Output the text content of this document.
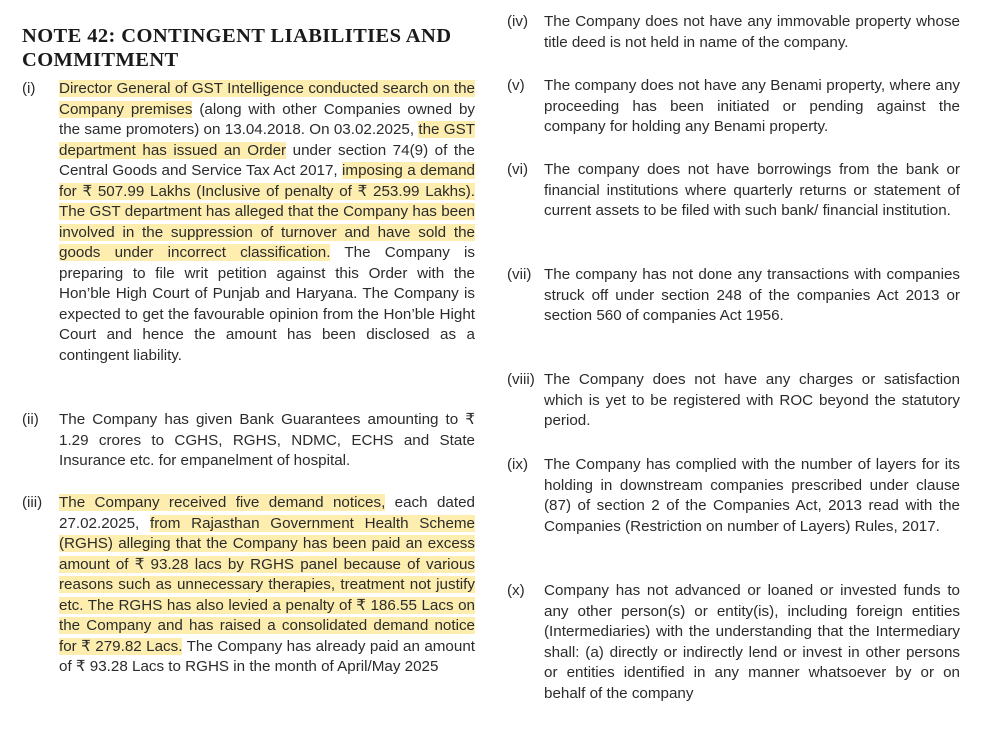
NOTE 42: CONTINGENT LIABILITIES AND COMMITMENT
(i)	Director General of GST Intelligence conducted search on the Company premises (along with other Companies owned by the same promoters) on 13.04.2018. On 03.02.2025, the GST department has issued an Order under section 74(9) of the Central Goods and Service Tax Act 2017, imposing a demand for ₹ 507.99 Lakhs (Inclusive of penalty of ₹ 253.99 Lakhs). The GST department has alleged that the Company has been involved in the suppression of turnover and have sold the goods under incorrect classification. The Company is preparing to file writ petition against this Order with the Hon’ble High Court of Punjab and Haryana. The Company is expected to get the favourable opinion from the Hon’ble Hight Court and hence the amount has been disclosed as a contingent liability.
(ii)	The Company has given Bank Guarantees amounting to ₹ 1.29 crores to CGHS, RGHS, NDMC, ECHS and State Insurance etc. for empanelment of hospital.
(iii)	The Company received five demand notices, each dated 27.02.2025, from Rajasthan Government Health Scheme (RGHS) alleging that the Company has been paid an excess amount of ₹ 93.28 lacs by RGHS panel because of various reasons such as unnecessary therapies, treatment not justify etc. The RGHS has also levied a penalty of ₹ 186.55 Lacs on the Company and has raised a consolidated demand notice for ₹ 279.82 Lacs. The Company has already paid an amount of ₹ 93.28 Lacs to RGHS in the month of April/May 2025
(iv)	The Company does not have any immovable property whose title deed is not held in name of the company.
(v)	The company does not have any Benami property, where any proceeding has been initiated or pending against the company for holding any Benami property.
(vi)	The company does not have borrowings from the bank or financial institutions where quarterly returns or statement of current assets to be filed with such bank/ financial institution.
(vii) The company has not done any transactions with companies struck off under section 248 of the companies Act 2013 or section 560 of companies Act 1956.
(viii) The Company does not have any charges or satisfaction which is yet to be registered with ROC beyond the statutory period.
(ix)	The Company has complied with the number of layers for its holding in downstream companies prescribed under clause (87) of section 2 of the Companies Act, 2013 read with the Companies (Restriction on number of Layers) Rules, 2017.
(x)	Company has not advanced or loaned or invested funds to any other person(s) or entity(is), including foreign entities (Intermediaries) with the understanding that the Intermediary shall: (a) directly or indirectly lend or invest in other persons or entities identified in any manner whatsoever by or on behalf of the company
